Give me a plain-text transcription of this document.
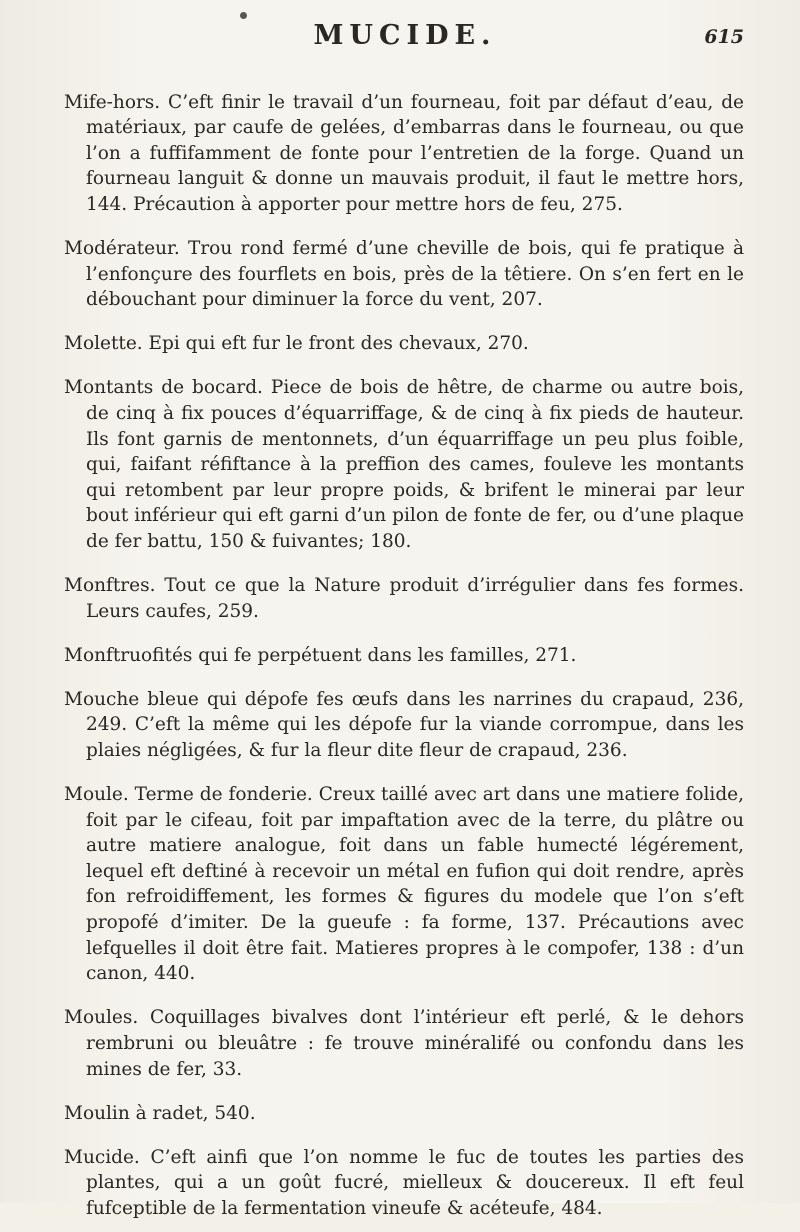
MUCIDE.	615

Mife-hors. C’eft finir le travail d’un fourneau, foit par défaut d’eau, de matériaux, par caufe de gelées, d’embarras dans le fourneau, ou que l’on a fuffifamment de fonte pour l’entretien de la forge. Quand un fourneau languit & donne un mauvais produit, il faut le mettre hors, 144. Précaution à apporter pour mettre hors de feu, 275.

Modérateur. Trou rond fermé d’une cheville de bois, qui fe pratique à l’enfonçure des fourflets en bois, près de la têtiere. On s’en fert en le débouchant pour diminuer la force du vent, 207.

Molette. Epi qui eft fur le front des chevaux, 270.

Montants de bocard. Piece de bois de hêtre, de charme ou autre bois, de cinq à fix pouces d’équarriffage, & de cinq à fix pieds de hauteur. Ils font garnis de mentonnets, d’un équarriffage un peu plus foible, qui, faifant réfiftance à la preffion des cames, fouleve les montants qui retombent par leur propre poids, & brifent le minerai par leur bout inférieur qui eft garni d’un pilon de fonte de fer, ou d’une plaque de fer battu, 150 & fuivantes; 180.

Monftres. Tout ce que la Nature produit d’irrégulier dans fes formes. Leurs caufes, 259.

Monftruofités qui fe perpétuent dans les familles, 271.

Mouche bleue qui dépofe fes œufs dans les narrines du crapaud, 236, 249. C’eft la même qui les dépofe fur la viande corrompue, dans les plaies négligées, & fur la fleur dite fleur de crapaud, 236.

Moule. Terme de fonderie. Creux taillé avec art dans une matiere folide, foit par le cifeau, foit par impaftation avec de la terre, du plâtre ou autre matiere analogue, foit dans un fable humecté légérement, lequel eft deftiné à recevoir un métal en fufion qui doit rendre, après fon refroidiffement, les formes & figures du modele que l’on s’eft propofé d’imiter. De la gueufe : fa forme, 137. Précautions avec lefquelles il doit être fait. Matieres propres à le compofer, 138 : d’un canon, 440.

Moules. Coquillages bivalves dont l’intérieur eft perlé, & le dehors rembruni ou bleuâtre : fe trouve minéralifé ou confondu dans les mines de fer, 33.

Moulin à radet, 540.

Mucide. C’eft ainfi que l’on nomme le fuc de toutes les parties des plantes, qui a un goût fucré, mielleux & doucereux. Il eft feul fufceptible de la fermentation vineufe & acéteufe, 484.
